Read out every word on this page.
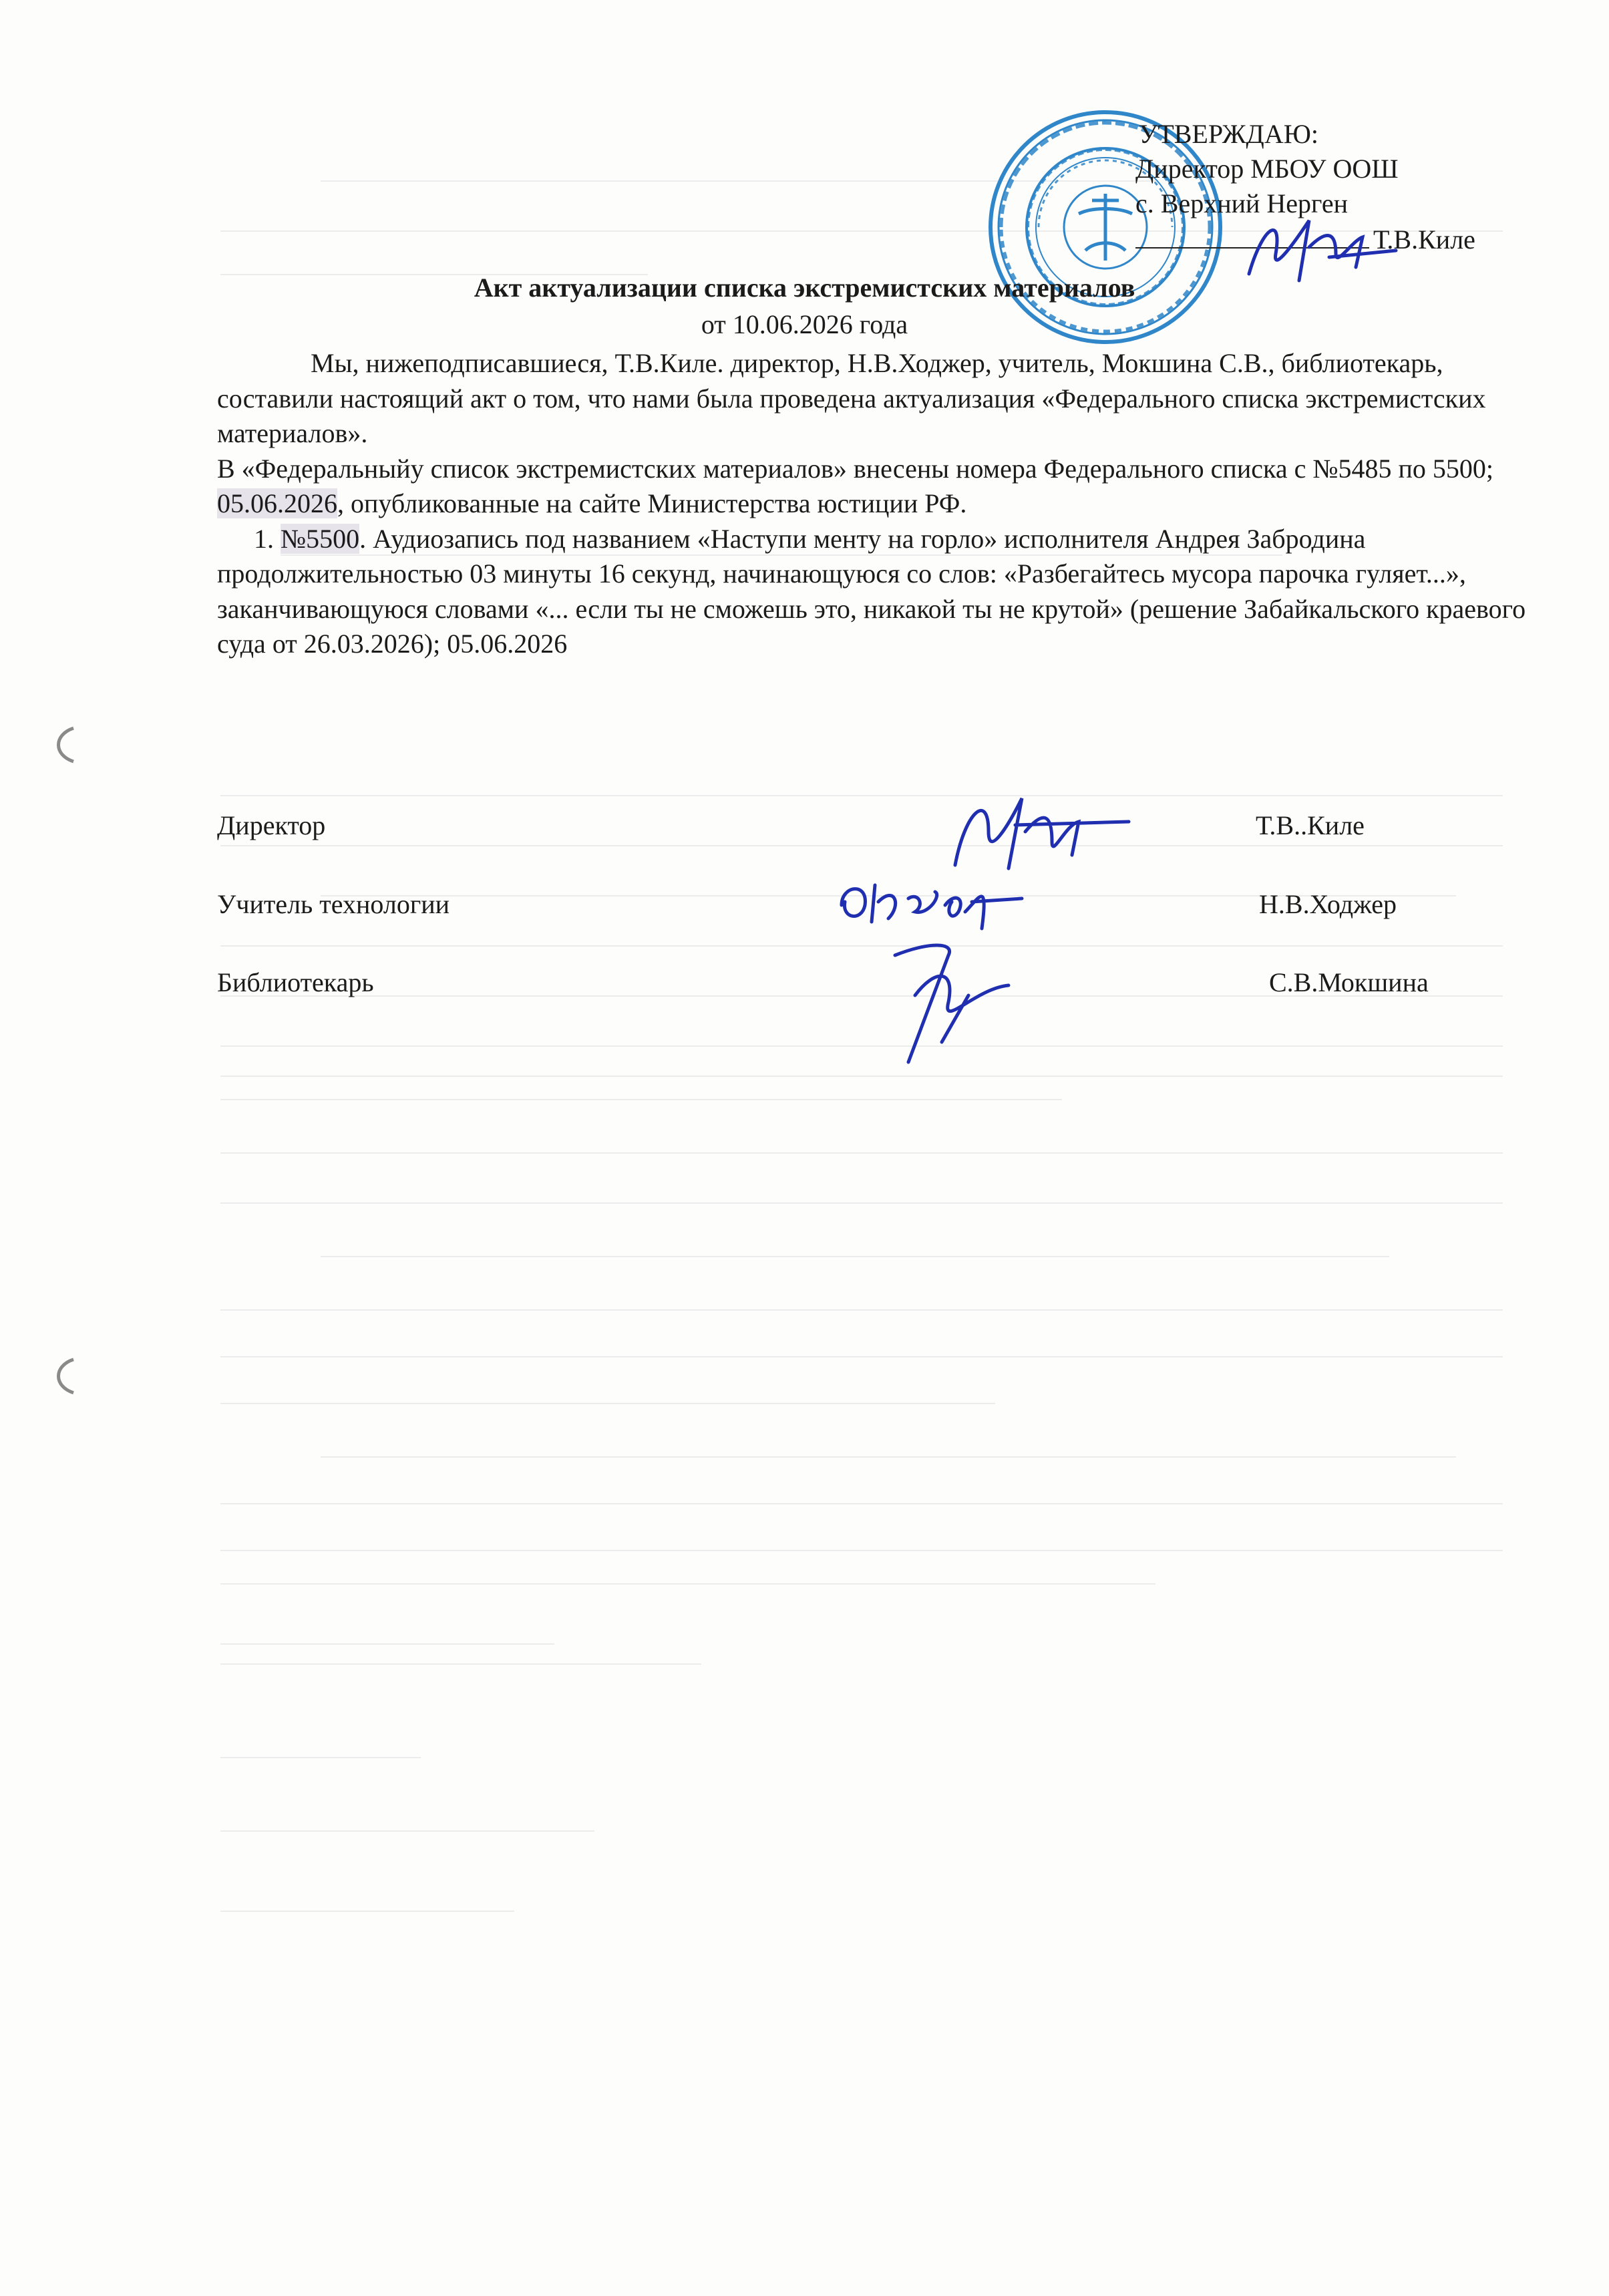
УТВЕРЖДАЮ:
Директор МБОУ ООШ
с. Верхний Нерген
Т.В.Киле
Акт актуализации списка экстремистских материалов
от 10.06.2026 года

Мы, нижеподписавшиеся, Т.В.Киле. директор, Н.В.Ходжер, учитель, Мокшина С.В., библиотекарь, составили настоящий акт о том, что нами была проведена актуализация «Федерального списка экстремистских материалов».

В «Федеральныйу список экстремистских материалов» внесены номера Федерального списка с №5485 по 5500; 05.06.2026, опубликованные на сайте Министерства юстиции РФ.

1. №5500. Аудиозапись под названием «Наступи менту на горло» исполнителя Андрея Забродина продолжительностью 03 минуты 16 секунд, начинающуюся со слов: «Разбегайтесь мусора парочка гуляет...», заканчивающуюся словами «... если ты не сможешь это, никакой ты не крутой» (решение Забайкальского краевого суда от 26.03.2026); 05.06.2026

Директор	Т.В..Киле
Учитель технологии	Н.В.Ходжер
Библиотекарь	С.В.Мокшина
